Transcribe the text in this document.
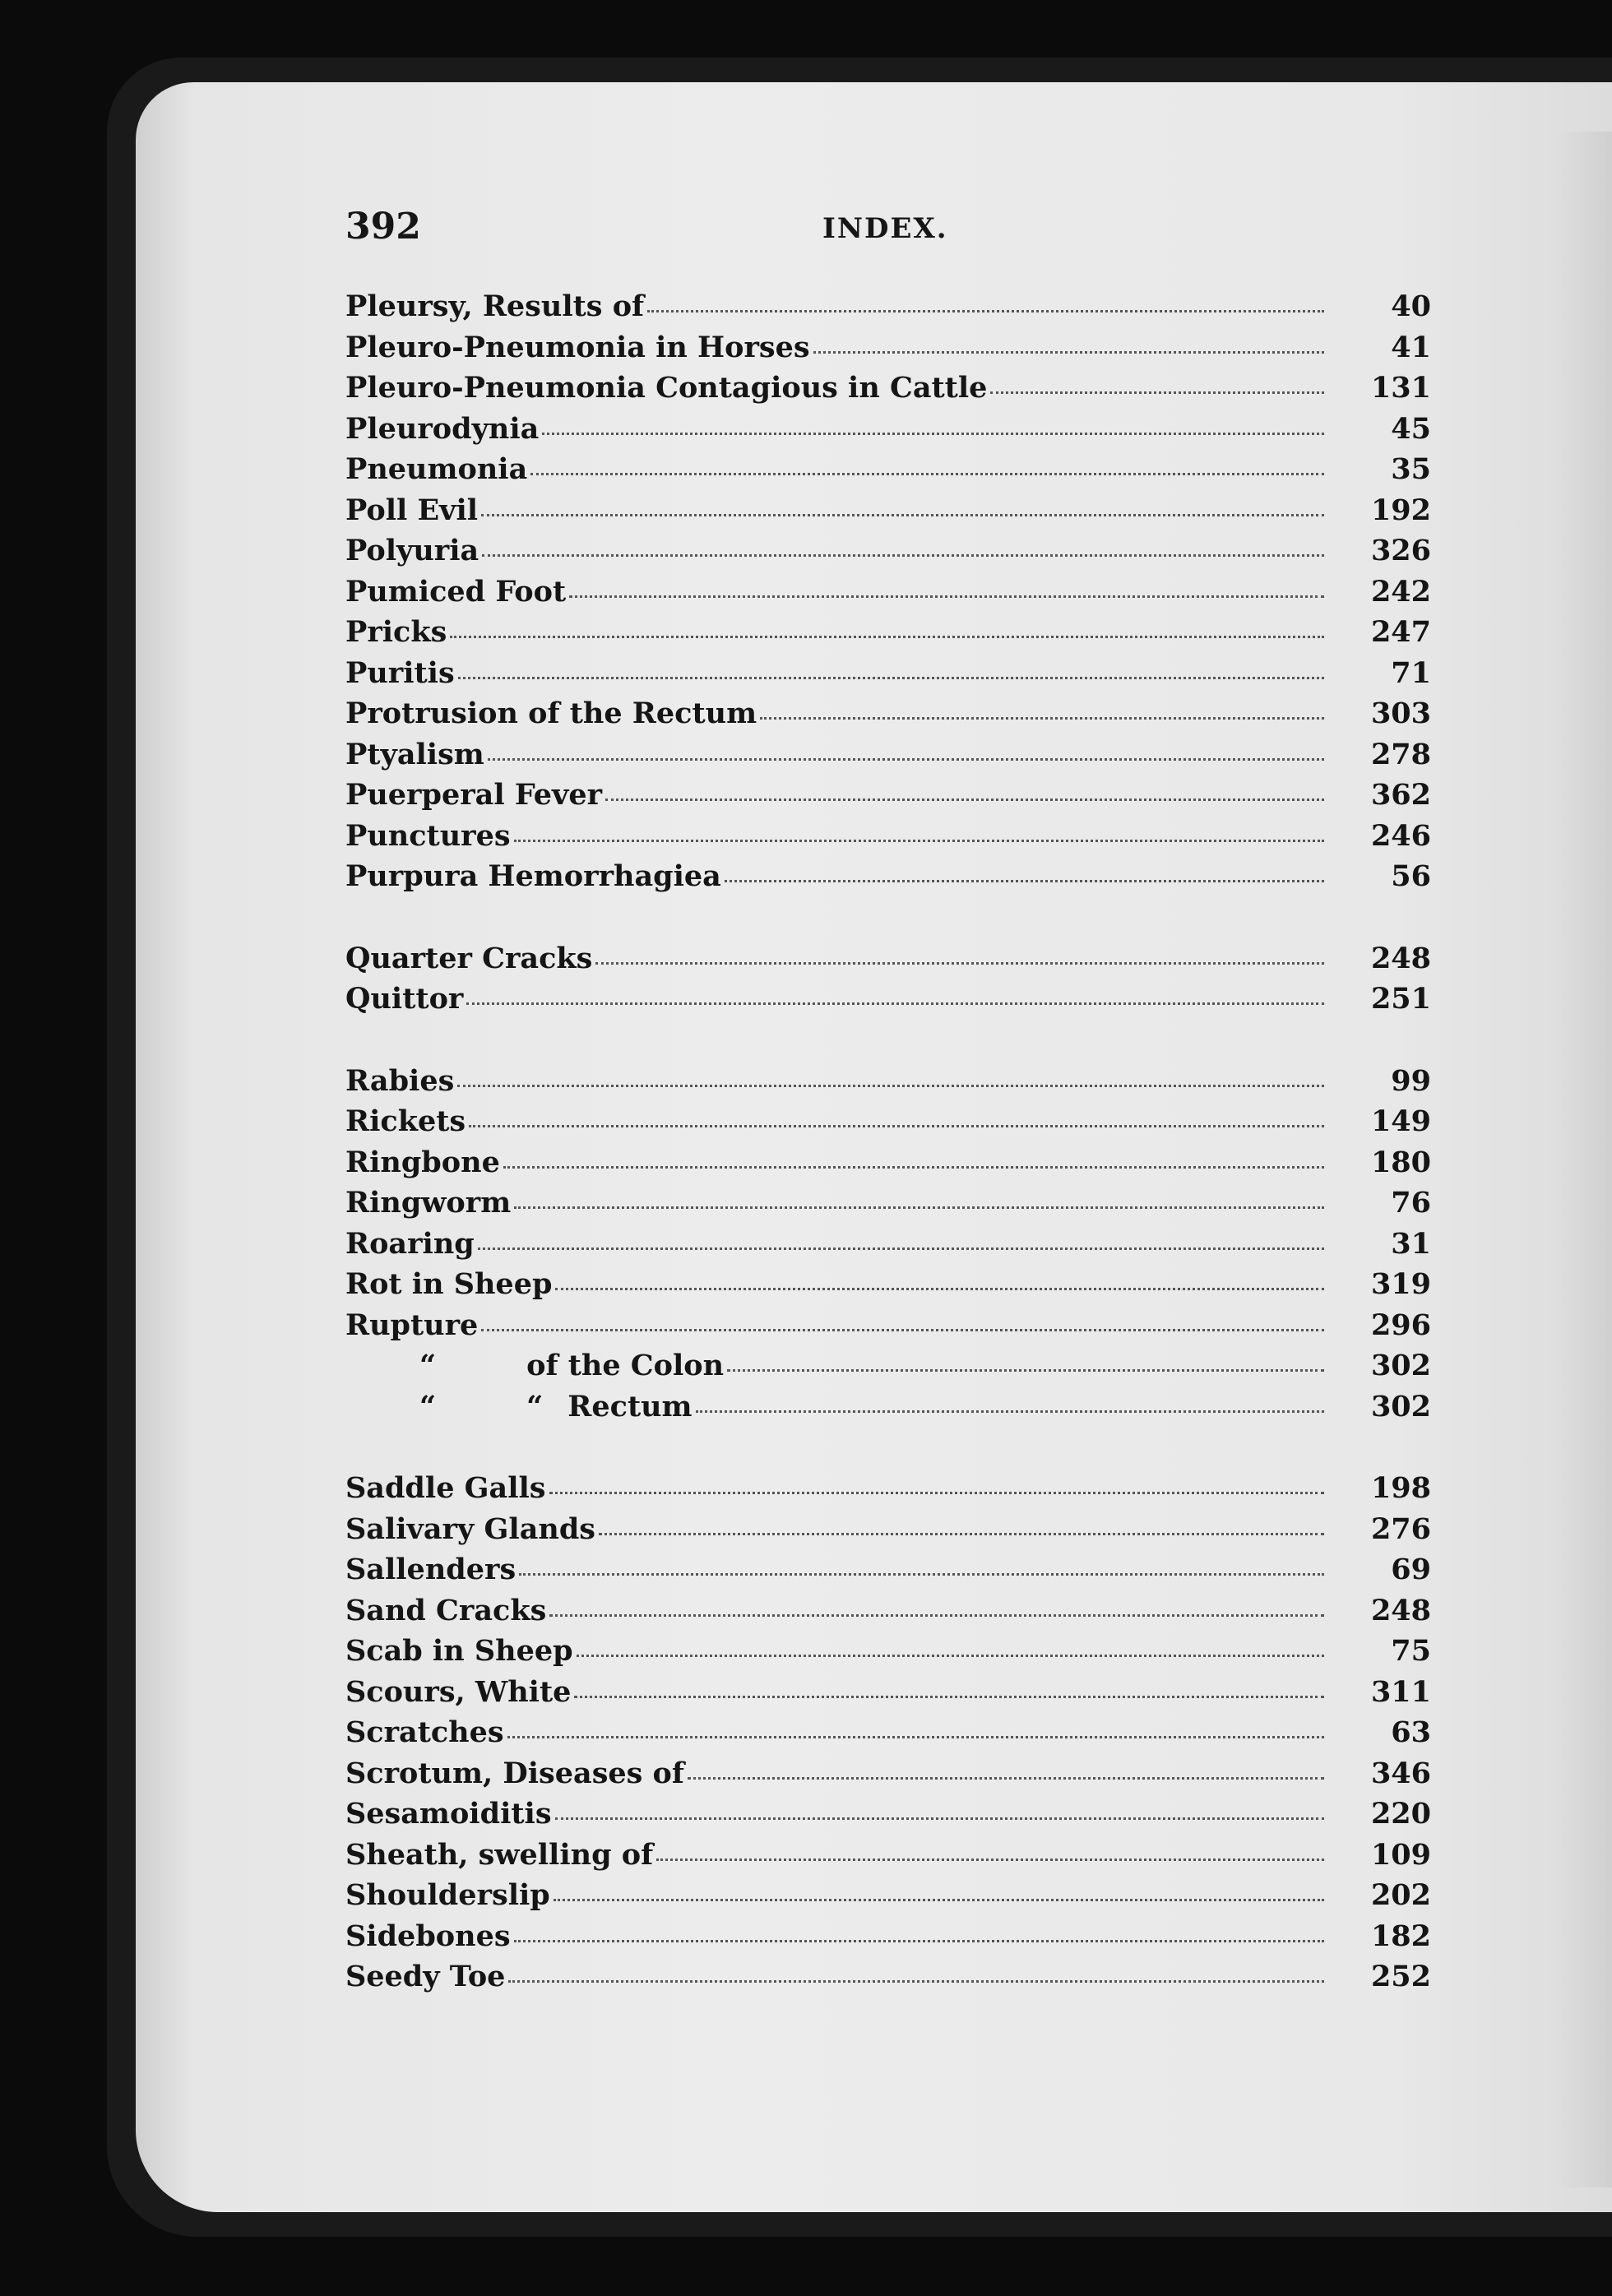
392	INDEX.
Pleursy, Results of	40
Pleuro-Pneumonia in Horses	41
Pleuro-Pneumonia Contagious in Cattle	131
Pleurodynia	45
Pneumonia	35
Poll Evil	192
Polyuria	326
Pumiced Foot	242
Pricks	247
Puritis	71
Protrusion of the Rectum	303
Ptyalism	278
Puerperal Fever	362
Punctures	246
Purpura Hemorrhagiea	56
Quarter Cracks	248
Quittor	251
Rabies	99
Rickets	149
Ringbone	180
Ringworm	76
Roaring	31
Rot in Sheep	319
Rupture	296
“	of the Colon	302
“	“ Rectum	302
Saddle Galls	198
Salivary Glands	276
Sallenders	69
Sand Cracks	248
Scab in Sheep	75
Scours, White	311
Scratches	63
Scrotum, Diseases of	346
Sesamoiditis	220
Sheath, swelling of	109
Shoulderslip	202
Sidebones	182
Seedy Toe	252
